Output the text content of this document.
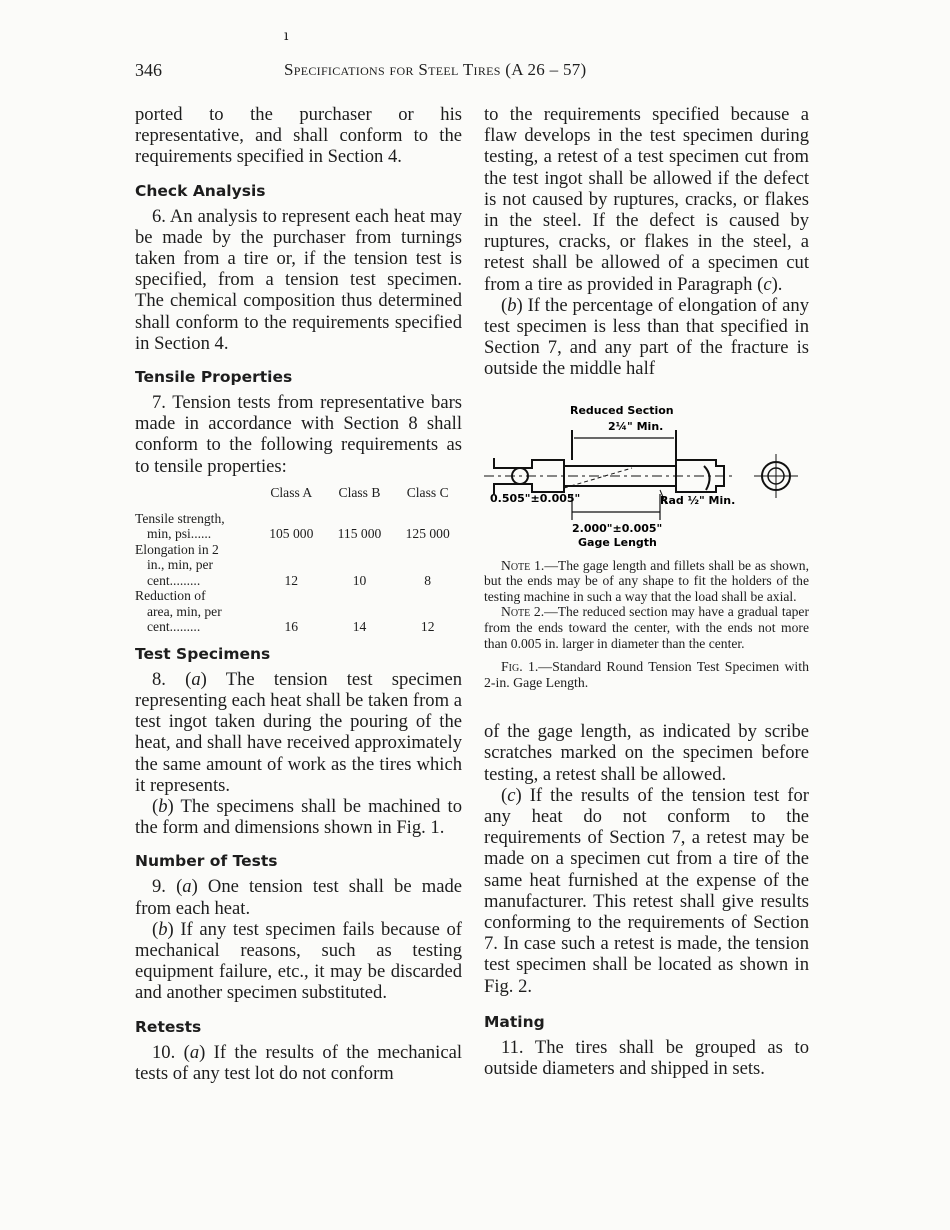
ı
346	Specifications for Steel Tires (A 26 – 57)

ported to the purchaser or his representative, and shall conform to the requirements specified in Section 4.

Check Analysis

6. An analysis to represent each heat may be made by the purchaser from turnings taken from a tire or, if the tension test is specified, from a tension test specimen. The chemical composition thus determined shall conform to the requirements specified in Section 4.

Tensile Properties

7. Tension tests from representative bars made in accordance with Section 8 shall conform to the following requirements as to tensile properties:

	Class A	Class B	Class C

Tensile strength,
min, psi......	105 000	115 000	125 000

Elongation in 2
in., min, per
cent.........	12	10	8

Reduction of
area, min, per
cent.........	16	14	12
Test Specimens

8. (a) The tension test specimen representing each heat shall be taken from a test ingot taken during the pouring of the heat, and shall have received approximately the same amount of work as the tires which it represents.

(b) The specimens shall be machined to the form and dimensions shown in Fig. 1.

Number of Tests

9. (a) One tension test shall be made from each heat.

(b) If any test specimen fails because of mechanical reasons, such as testing equipment failure, etc., it may be discarded and another specimen substituted.

Retests

10. (a) If the results of the mechanical tests of any test lot do not conform

to the requirements specified because a flaw develops in the test specimen during testing, a retest of a test specimen cut from the test ingot shall be allowed if the defect is not caused by ruptures, cracks, or flakes in the steel. If the defect is caused by ruptures, cracks, or flakes in the steel, a retest shall be allowed of a specimen cut from a tire as provided in Paragraph (c).

(b) If the percentage of elongation of any test specimen is less than that specified in Section 7, and any part of the fracture is outside the middle half

Reduced Section
2¼" Min.
0.505"±0.005"	Rad ½" Min.
2.000"±0.005"
Gage Length

Note 1.—The gage length and fillets shall be as shown, but the ends may be of any shape to fit the holders of the testing machine in such a way that the load shall be axial.

Note 2.—The reduced section may have a gradual taper from the ends toward the center, with the ends not more than 0.005 in. larger in diameter than the center.

Fig. 1.—Standard Round Tension Test Specimen with 2-in. Gage Length.

of the gage length, as indicated by scribe scratches marked on the specimen before testing, a retest shall be allowed.

(c) If the results of the tension test for any heat do not conform to the requirements of Section 7, a retest may be made on a specimen cut from a tire of the same heat furnished at the expense of the manufacturer. This retest shall give results conforming to the requirements of Section 7. In case such a retest is made, the tension test specimen shall be located as shown in Fig. 2.

Mating

11. The tires shall be grouped as to outside diameters and shipped in sets.
